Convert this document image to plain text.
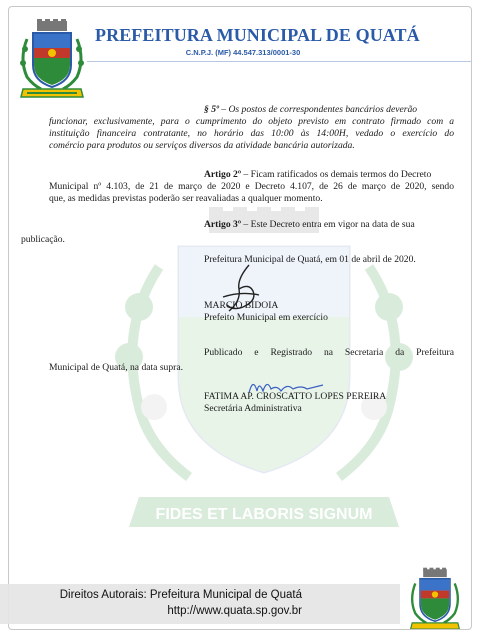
FIDES ET LABORIS SIGNUM
PREFEITURA MUNICIPAL DE QUATÁ
C.N.P.J. (MF) 44.547.313/0001-30
§ 5º – Os postos de correspondentes bancários deverão
funcionar, exclusivamente, para o cumprimento do objeto previsto em contrato firmado com a
instituição financeira contratante, no horário das 10:00 às 14:00H, vedado o exercício do
comércio para produtos ou serviços diversos da atividade bancária autorizada.
Artigo 2º – Ficam ratificados os demais termos do Decreto
Municipal nº 4.103, de 21 de março de 2020 e Decreto 4.107, de 26 de março de 2020, sendo
que, as medidas previstas poderão ser reavaliadas a qualquer momento.
Artigo 3º – Este Decreto entra em vigor na data de sua
publicação.
Prefeitura Municipal de Quatá, em 01 de abril de 2020.
MARCIO BIDOIA
Prefeito Municipal em exercício
Publicado e Registrado na Secretaria da Prefeitura
Municipal de Quatá, na data supra.
FATIMA AP. CROSCATTO LOPES PEREIRA
Secretária Administrativa
Direitos Autorais: Prefeitura Municipal de Quatá
http://www.quata.sp.gov.br
